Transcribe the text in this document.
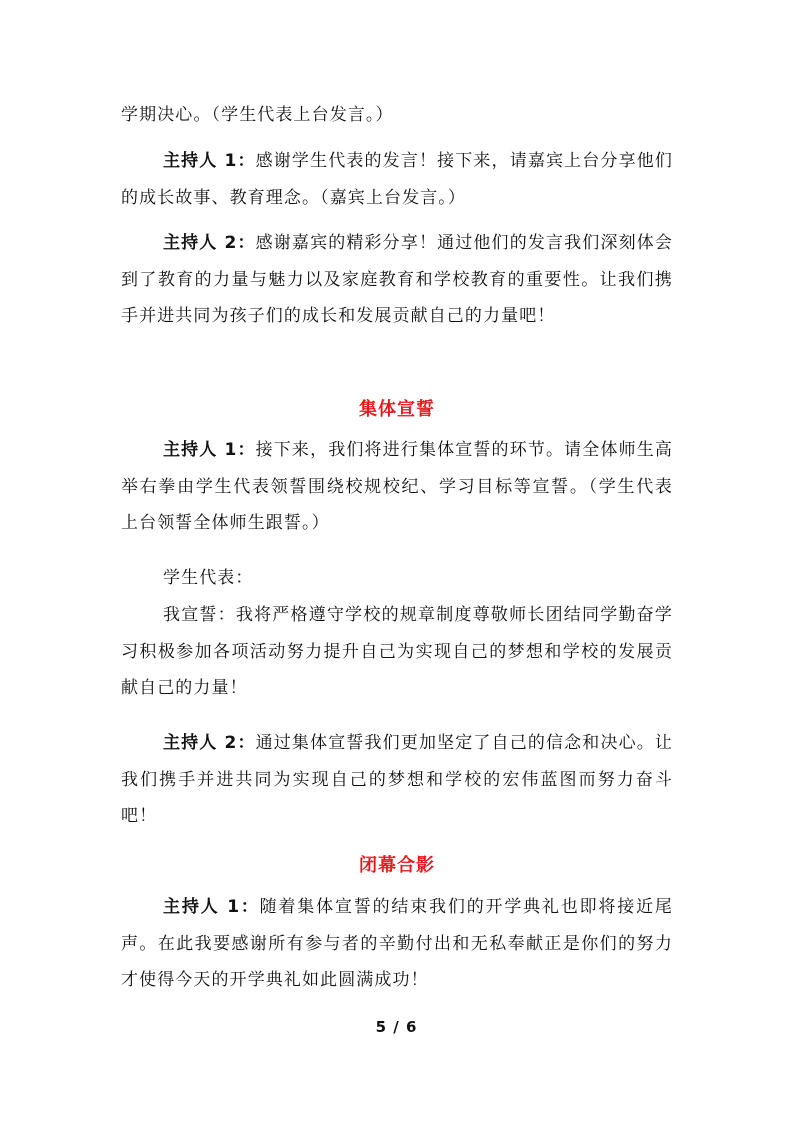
学期决心。（学生代表上台发言。）

主持人 1：感谢学生代表的发言！接下来，请嘉宾上台分享他们的成长故事、教育理念。（嘉宾上台发言。）

主持人 2：感谢嘉宾的精彩分享！通过他们的发言我们深刻体会到了教育的力量与魅力以及家庭教育和学校教育的重要性。让我们携手并进共同为孩子们的成长和发展贡献自己的力量吧！

集体宣誓

主持人 1：接下来，我们将进行集体宣誓的环节。请全体师生高举右拳由学生代表领誓围绕校规校纪、学习目标等宣誓。（学生代表上台领誓全体师生跟誓。）

学生代表：

我宣誓：我将严格遵守学校的规章制度尊敬师长团结同学勤奋学习积极参加各项活动努力提升自己为实现自己的梦想和学校的发展贡献自己的力量！

主持人 2：通过集体宣誓我们更加坚定了自己的信念和决心。让我们携手并进共同为实现自己的梦想和学校的宏伟蓝图而努力奋斗吧！

闭幕合影

主持人 1：随着集体宣誓的结束我们的开学典礼也即将接近尾声。在此我要感谢所有参与者的辛勤付出和无私奉献正是你们的努力才使得今天的开学典礼如此圆满成功！

5 / 6
